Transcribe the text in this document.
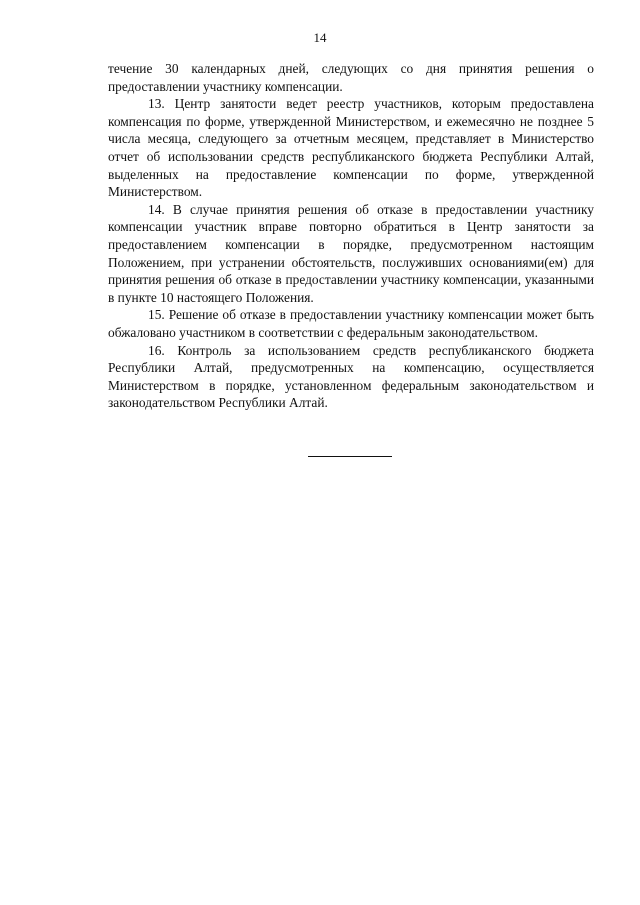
14

течение 30 календарных дней, следующих со дня принятия решения о предоставлении участнику компенсации.

13. Центр занятости ведет реестр участников, которым предоставлена компенсация по форме, утвержденной Министерством, и ежемесячно не позднее 5 числа месяца, следующего за отчетным месяцем, представляет в Министерство отчет об использовании средств республиканского бюджета Республики Алтай, выделенных на предоставление компенсации по форме, утвержденной Министерством.

14. В случае принятия решения об отказе в предоставлении участнику компенсации участник вправе повторно обратиться в Центр занятости за предоставлением компенсации в порядке, предусмотренном настоящим Положением, при устранении обстоятельств, послуживших основаниями(ем) для принятия решения об отказе в предоставлении участнику компенсации, указанными в пункте 10 настоящего Положения.

15. Решение об отказе в предоставлении участнику компенсации может быть обжаловано участником в соответствии с федеральным законодательством.

16. Контроль за использованием средств республиканского бюджета Республики Алтай, предусмотренных на компенсацию, осуществляется Министерством в порядке, установленном федеральным законодательством и законодательством Республики Алтай.
